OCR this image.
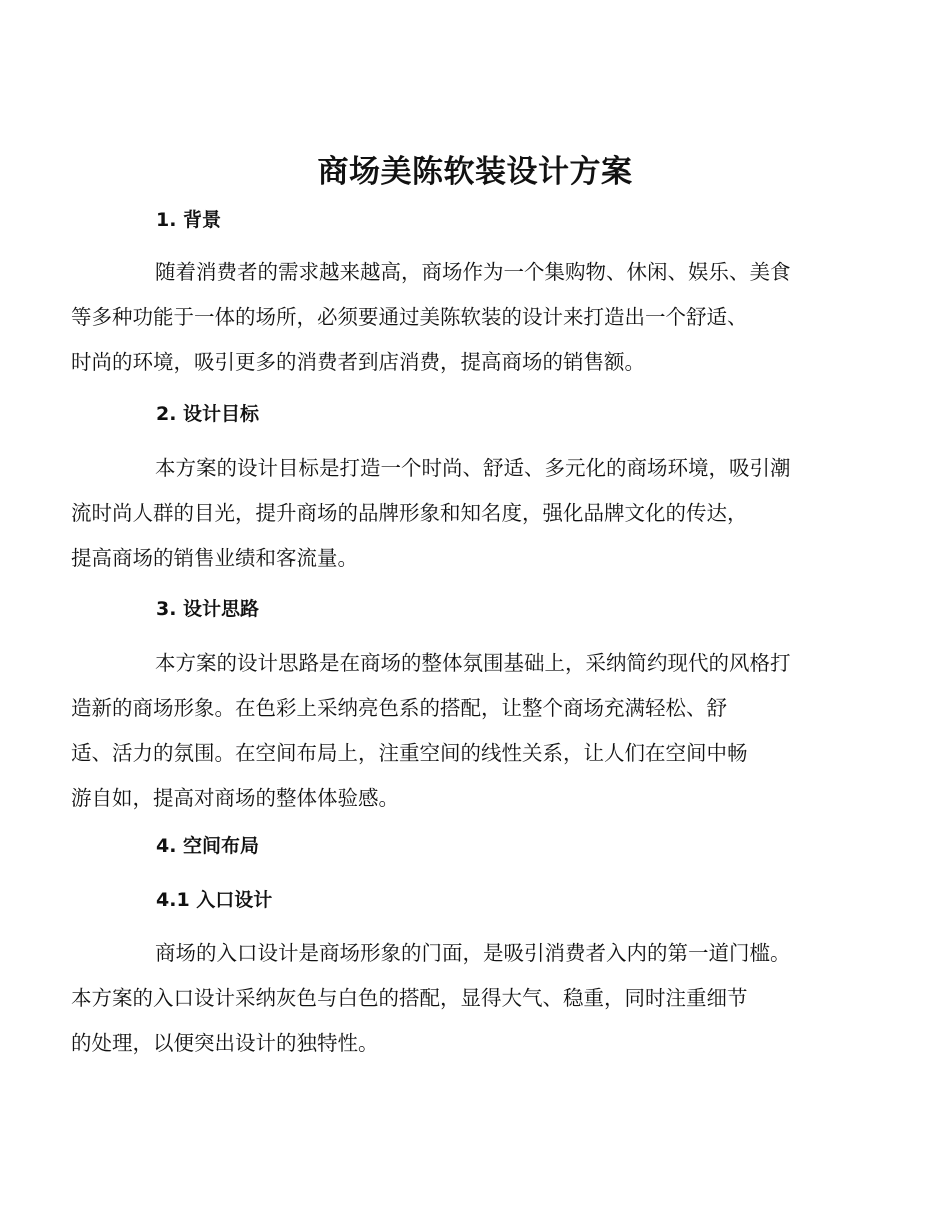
商场美陈软装设计方案
1. 背景

随着消费者的需求越来越高，商场作为一个集购物、休闲、娱乐、美食
等多种功能于一体的场所，必须要通过美陈软装的设计来打造出一个舒适、
时尚的环境，吸引更多的消费者到店消费，提高商场的销售额。

2. 设计目标

本方案的设计目标是打造一个时尚、舒适、多元化的商场环境，吸引潮
流时尚人群的目光，提升商场的品牌形象和知名度，强化品牌文化的传达，
提高商场的销售业绩和客流量。

3. 设计思路

本方案的设计思路是在商场的整体氛围基础上，采纳简约现代的风格打
造新的商场形象。在色彩上采纳亮色系的搭配，让整个商场充满轻松、舒
适、活力的氛围。在空间布局上，注重空间的线性关系，让人们在空间中畅
游自如，提高对商场的整体体验感。

4. 空间布局
4.1 入口设计

商场的入口设计是商场形象的门面，是吸引消费者入内的第一道门槛。
本方案的入口设计采纳灰色与白色的搭配，显得大气、稳重，同时注重细节
的处理，以便突出设计的独特性。
